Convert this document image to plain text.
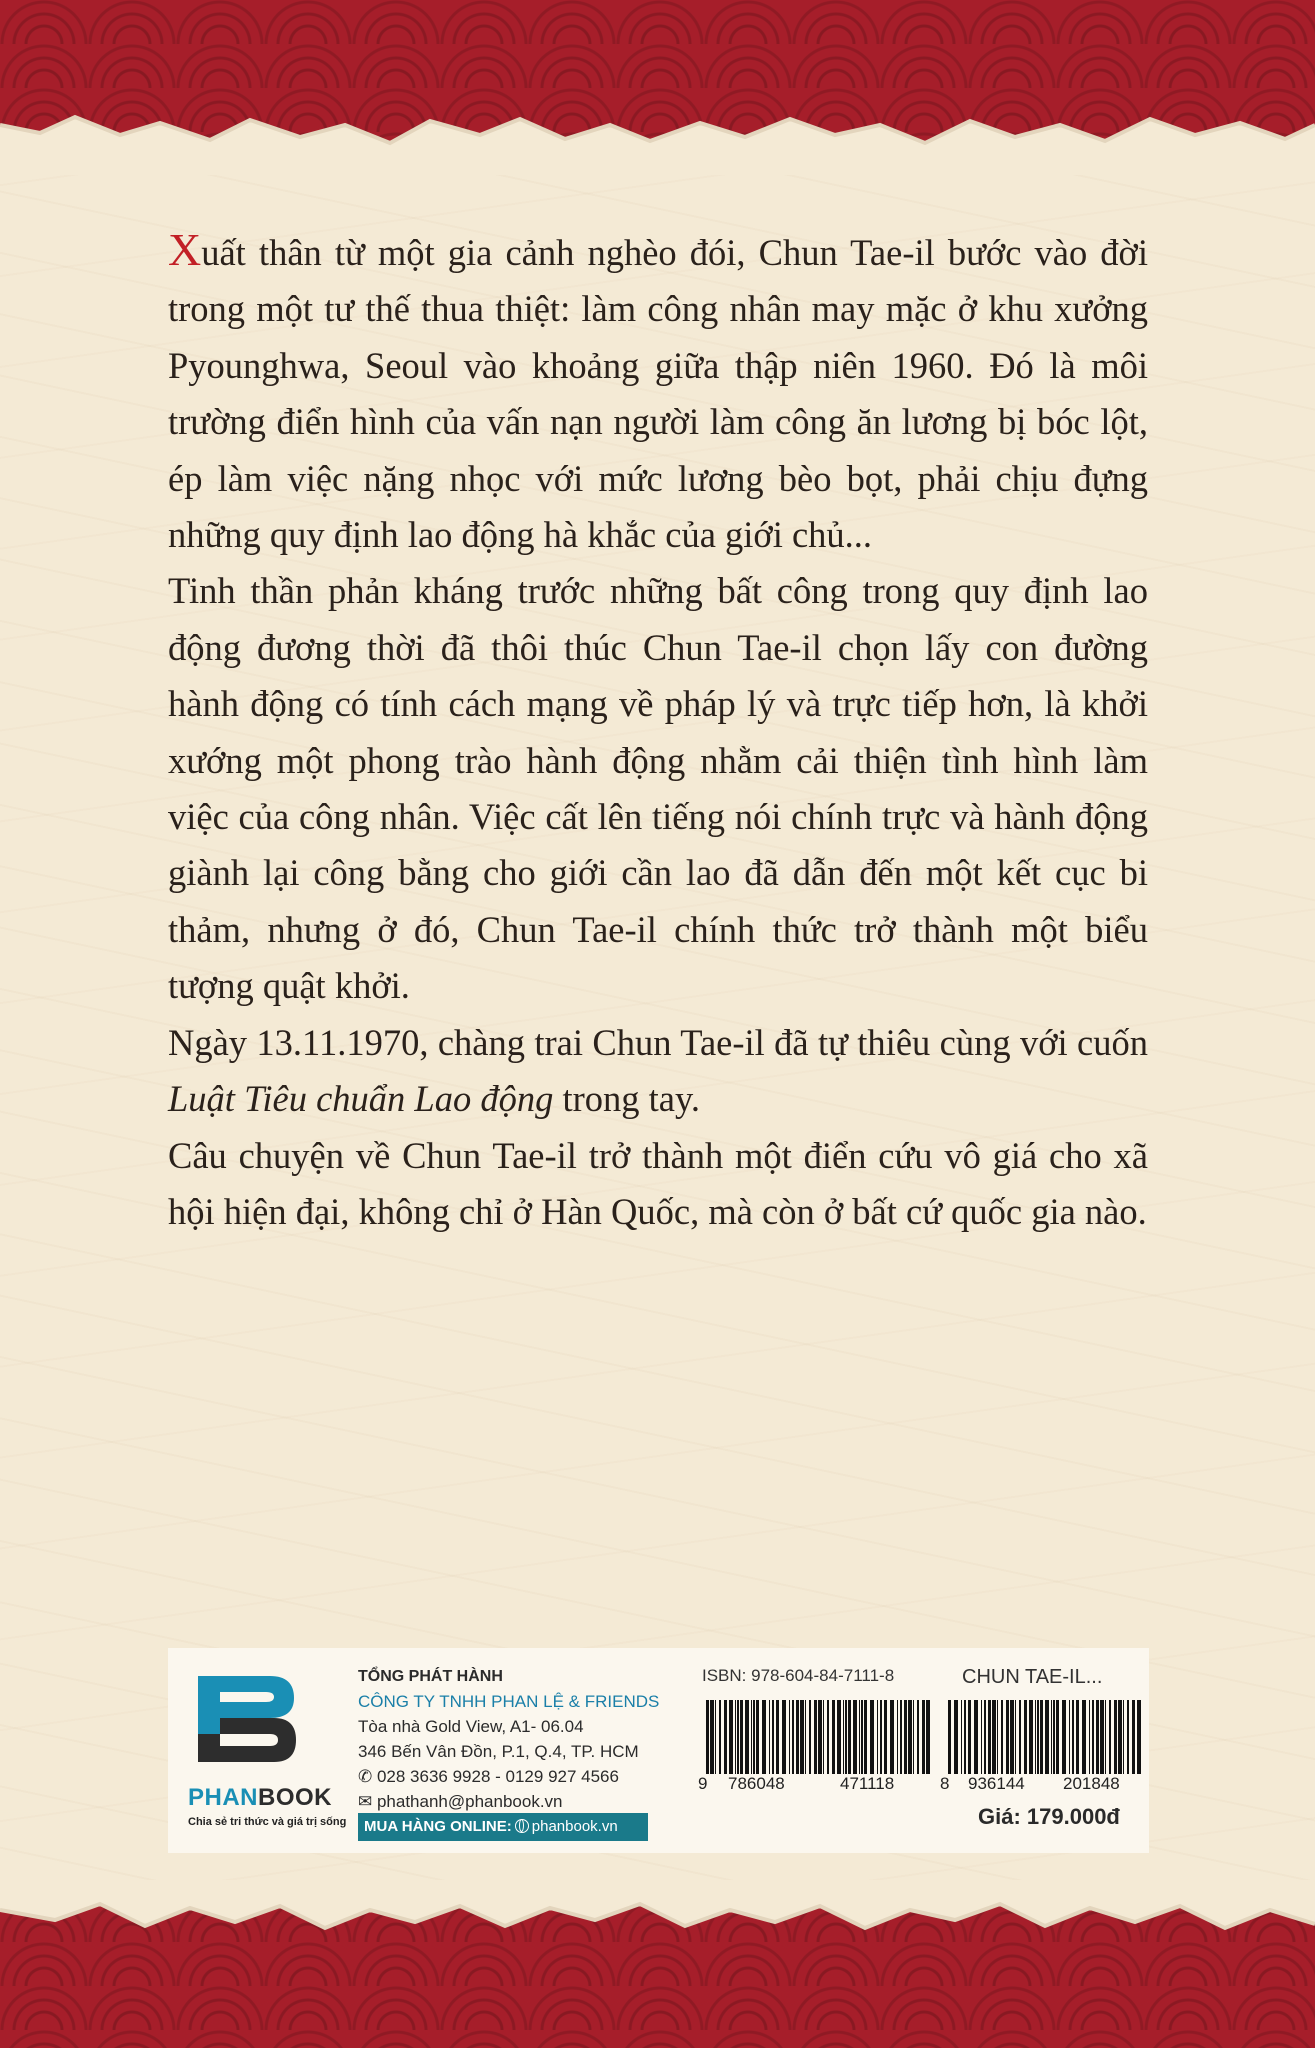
Xuất thân từ một gia cảnh nghèo đói, Chun Tae-il bước vào đời trong một tư thế thua thiệt: làm công nhân may mặc ở khu xưởng Pyounghwa, Seoul vào khoảng giữa thập niên 1960. Đó là môi trường điển hình của vấn nạn người làm công ăn lương bị bóc lột, ép làm việc nặng nhọc với mức lương bèo bọt, phải chịu đựng những quy định lao động hà khắc của giới chủ...

Tinh thần phản kháng trước những bất công trong quy định lao động đương thời đã thôi thúc Chun Tae-il chọn lấy con đường hành động có tính cách mạng về pháp lý và trực tiếp hơn, là khởi xướng một phong trào hành động nhằm cải thiện tình hình làm việc của công nhân. Việc cất lên tiếng nói chính trực và hành động giành lại công bằng cho giới cần lao đã dẫn đến một kết cục bi thảm, nhưng ở đó, Chun Tae-il chính thức trở thành một biểu tượng quật khởi.

Ngày 13.11.1970, chàng trai Chun Tae-il đã tự thiêu cùng với cuốn Luật Tiêu chuẩn Lao động trong tay.

Câu chuyện về Chun Tae-il trở thành một điển cứu vô giá cho xã hội hiện đại, không chỉ ở Hàn Quốc, mà còn ở bất cứ quốc gia nào.

PHANBOOK
Chia sẻ tri thức và giá trị sống
TỔNG PHÁT HÀNH
CÔNG TY TNHH PHAN LỆ & FRIENDS
Tòa nhà Gold View, A1- 06.04
346 Bến Vân Đồn, P.1, Q.4, TP. HCM
✆ 028 3636 9928 - 0129 927 4566
✉ phathanh@phanbook.vn
MUA HÀNG ONLINE: phanbook.vn
ISBN: 978-604-84-7111-8	CHUN TAE-IL...
9 786048	471118	8 936144 201848
Giá: 179.000đ
